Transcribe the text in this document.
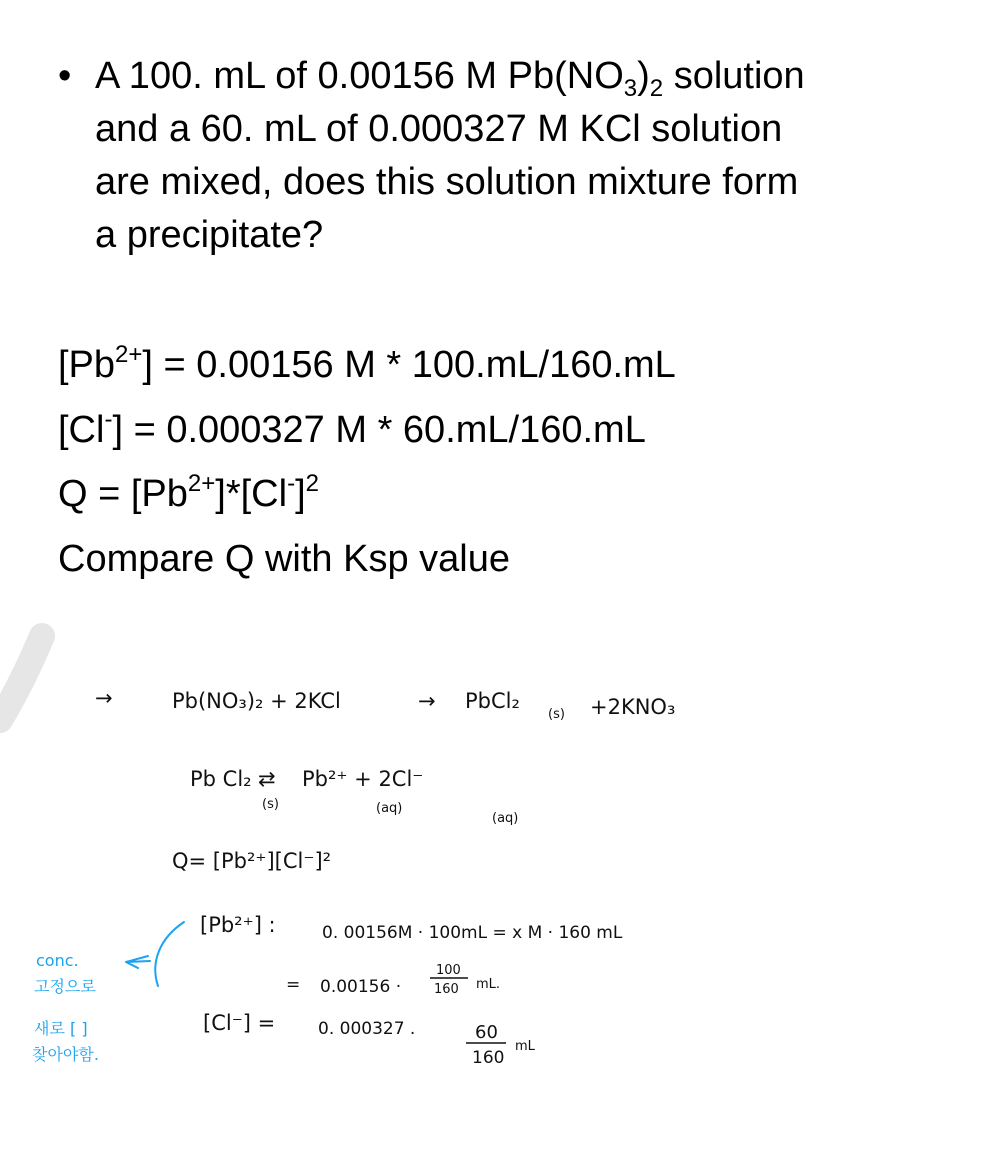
• A 100. mL of 0.00156 M $Pb(NO_3)_2$ solution
and a 60. mL of 0.000327 M KCl solution
are mixed, does this solution mixture form
a precipitate?
$[Pb^{2+}] = 0.00156$ M * 100.mL/160.mL
[Cl-] = 0.000327 M * 60.mL/160.mL
$Q = [Pb^{2+}]*[Cl^-]^2$
Compare Q with Ksp value
→	Pb(NO₃)₂ + 2KCl	→ PbCl₂
(s) +2KNO₃
Pb Cl₂ ⇄ Pb²⁺ + 2Cl⁻
(s)	(aq)
(aq)
Q= [Pb²⁺][Cl⁻]²
[Pb²⁺] :	0. 00156M · 100mL = x M · 160 mL
= 0.00156 ·
100
160 mL.
[Cl⁻] =	0. 000327 .	60
160
mL
conc.
고정으로
새로 [ ]
찾아야함.
